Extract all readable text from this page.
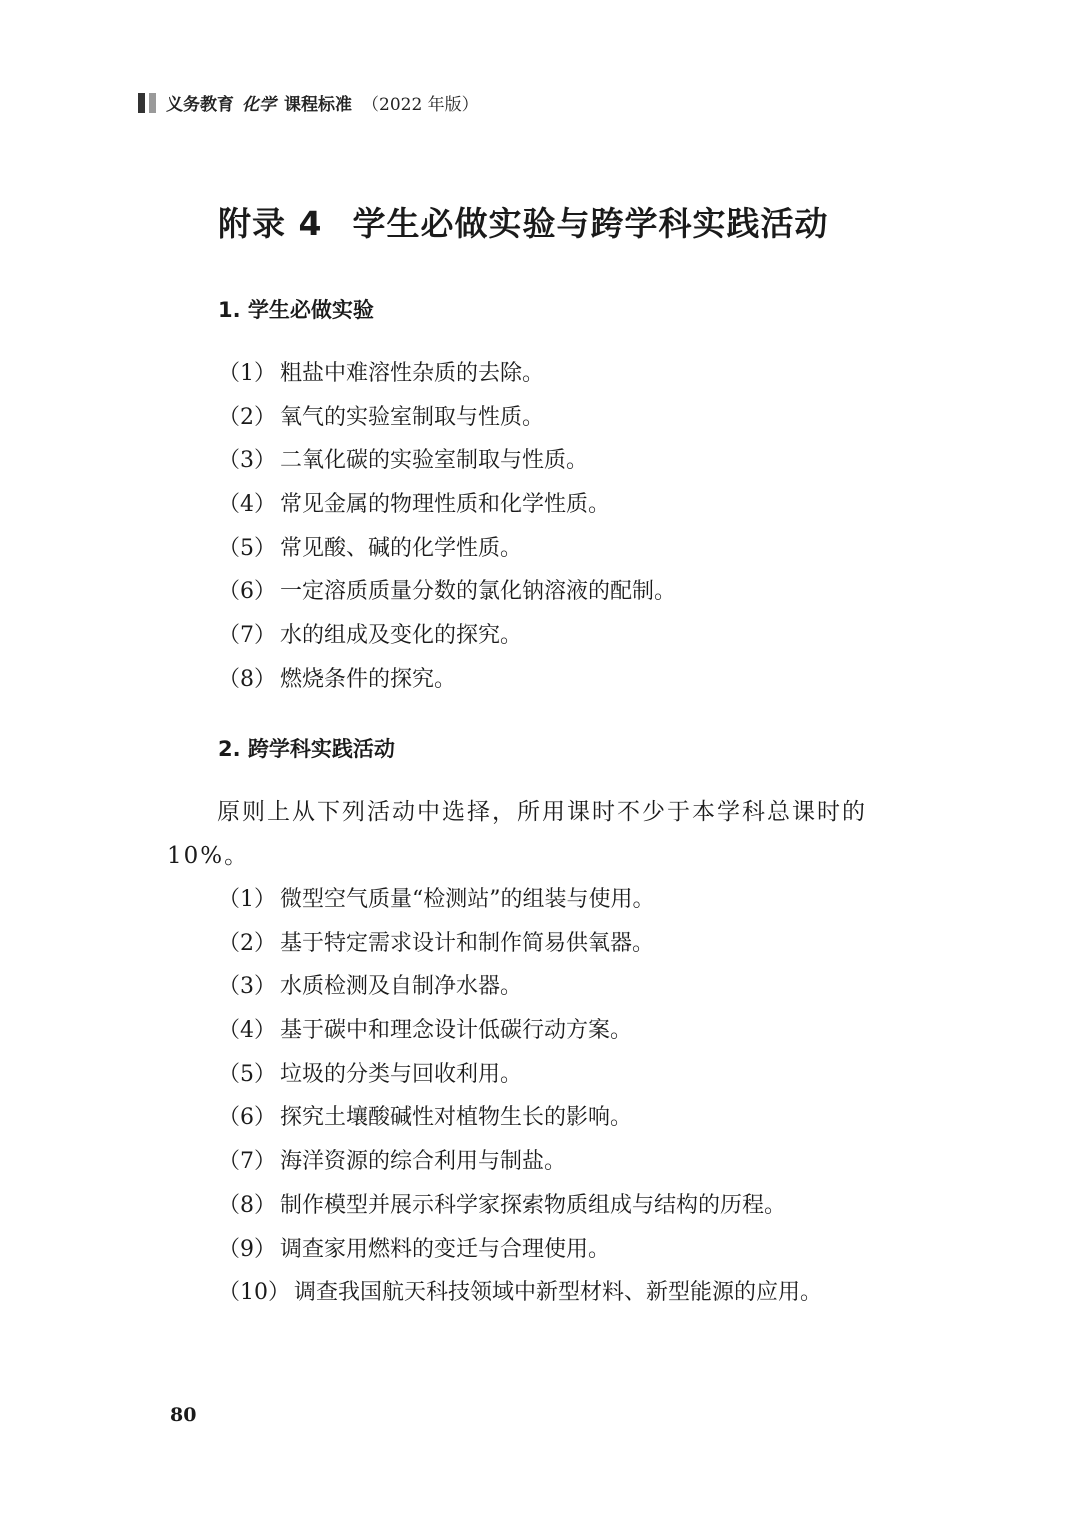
义务教育 化学 课程标准 （2022 年版）
附录 4 学生必做实验与跨学科实践活动
1. 学生必做实验
（1） 粗盐中难溶性杂质的去除。
（2） 氧气的实验室制取与性质。
（3） 二氧化碳的实验室制取与性质。
（4） 常见金属的物理性质和化学性质。
（5） 常见酸、碱的化学性质。
（6） 一定溶质质量分数的氯化钠溶液的配制。
（7） 水的组成及变化的探究。
（8） 燃烧条件的探究。
2. 跨学科实践活动

原则上从下列活动中选择，所用课时不少于本学科总课时的 10%。

（1） 微型空气质量“检测站”的组装与使用。
（2） 基于特定需求设计和制作简易供氧器。
（3） 水质检测及自制净水器。
（4） 基于碳中和理念设计低碳行动方案。
（5） 垃圾的分类与回收利用。
（6） 探究土壤酸碱性对植物生长的影响。
（7） 海洋资源的综合利用与制盐。
（8） 制作模型并展示科学家探索物质组成与结构的历程。
（9） 调查家用燃料的变迁与合理使用。
（10） 调查我国航天科技领域中新型材料、新型能源的应用。
80
